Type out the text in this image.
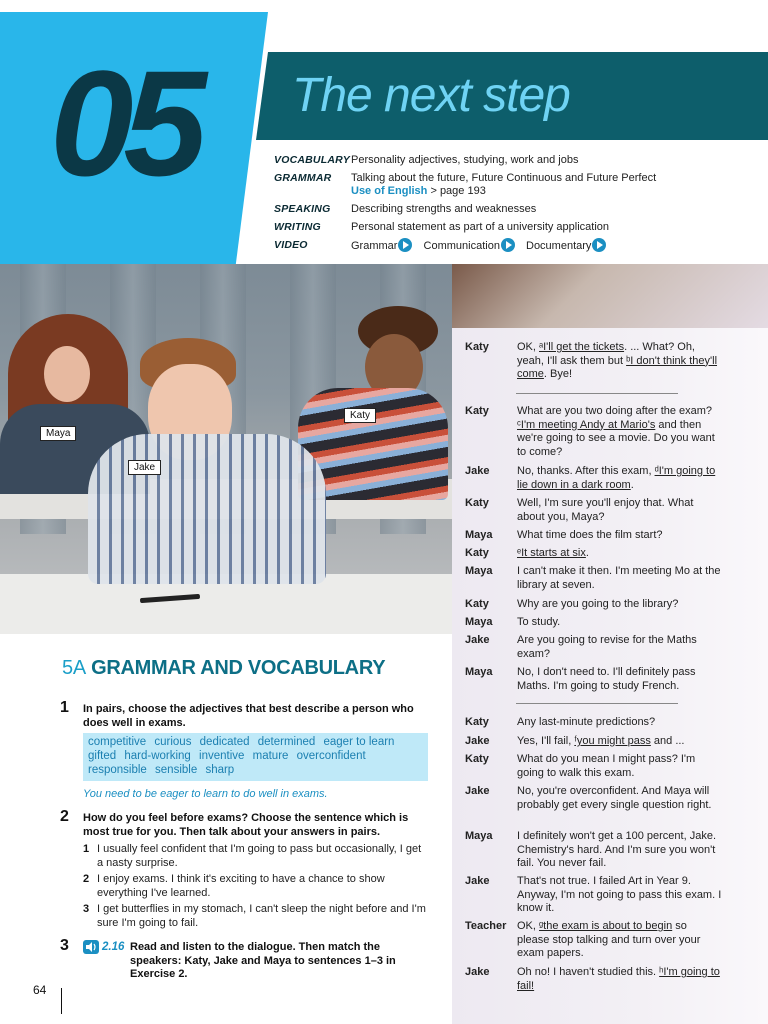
05 The next step
VOCABULARY Personality adjectives, studying, work and jobs
GRAMMAR Talking about the future, Future Continuous and Future Perfect
Use of English > page 193
SPEAKING Describing strengths and weaknesses
WRITING	Personal statement as part of a university application
VIDEO	Grammar Communication Documentary
Maya
Jake
Katy
Katy	OK, ᵃI'll get the tickets. ... What? Oh, yeah, I'll ask them but ᵇI don't think they'll come. Bye!
Katy	What are you two doing after the exam? ᶜI'm meeting Andy at Mario's and then we're going to see a movie. Do you want to come?
Jake	No, thanks. After this exam, ᵈI'm going to lie down in a dark room.
Katy	Well, I'm sure you'll enjoy that. What about you, Maya?
Maya What time does the film start?
Katy	ᵉIt starts at six.
Maya I can't make it then. I'm meeting Mo at the library at seven.
Katy	Why are you going to the library?
Maya To study.
Jake	Are you going to revise for the Maths exam?
Maya No, I don't need to. I'll definitely pass Maths. I'm going to study French.
Katy	Any last-minute predictions?
Jake	Yes, I'll fail, ᶠyou might pass and ...
Katy	What do you mean I might pass? I'm going to walk this exam.
Jake	No, you're overconfident. And Maya will probably get every single question right.
Maya I definitely won't get a 100 percent, Jake. Chemistry's hard. And I'm sure you won't fail. You never fail.
Jake	That's not true. I failed Art in Year 9. Anyway, I'm not going to pass this exam. I know it.
Teacher OK, ᵍthe exam is about to begin so please stop talking and turn over your exam papers.
Jake	Oh no! I haven't studied this. ʰI'm going to fail!
5A GRAMMAR AND VOCABULARY
1 In pairs, choose the adjectives that best describe a person who does well in exams.
competitive curious dedicated determined eager to learn gifted hard-working inventive mature overconfident responsible sensible sharp
You need to be eager to learn to do well in exams.
2 How do you feel before exams? Choose the sentence which is most true for you. Then talk about your answers in pairs.
1 I usually feel confident that I'm going to pass but occasionally, I get a nasty surprise.
2 I enjoy exams. I think it's exciting to have a chance to show everything I've learned.
3 I get butterflies in my stomach, I can't sleep the night before and I'm sure I'm going to fail.
3	2.16 Read and listen to the dialogue. Then match the speakers: Katy, Jake and Maya to sentences 1–3 in Exercise 2.
64
